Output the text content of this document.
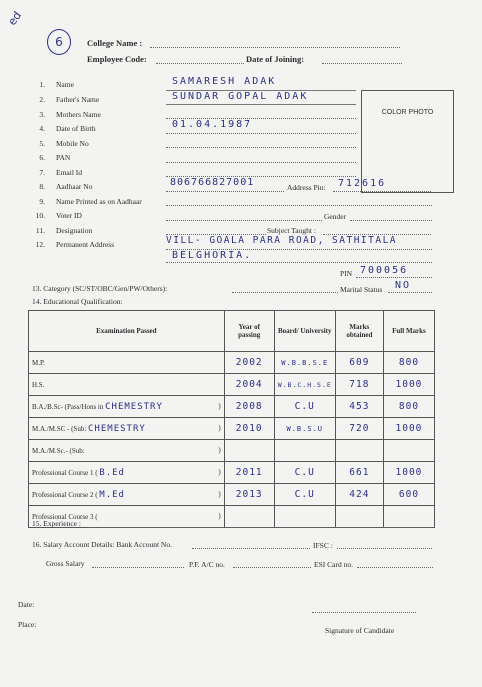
ed
6	College Name :
Employee Code:	Date of Joining:
COLOR PHOTO
1. Name	SAMARESH ADAK
2. Father's Name	SUNDAR GOPAL ADAK
3. Mothers Name
4. Date of Birth	01.04.1987
5. Mobile No
6. PAN
7. Email Id
8. Aadhaar No	806766827001	Address Pin: 712616
9. Name Printed as on Aadhaar
10. Voter ID	Gender
11. Designation	Subject Taught :
12. Permanent Address	VILL- GOALA PARA ROAD, SATHITALA
BELGHORIA.
PIN 700056
13. Category (SC/ST/OBC/Gen/PW/Others):	Marital Status NO
14. Educational Qualification:
Examination Passed	Year of passing	Board/ University	Marks obtained	Full Marks
M.P.	2002	W.B.B.S.E	609	800
H.S.	2004	W.B.C.H.S.E	718	1000
B.A./B.Sc- (Pass/Hons in CHEMESTRY )	2008	C.U	453	800
M.A./M.SC - (Sub: CHEMESTRY )	2010	W.B.S.U	720	1000
M.A./M.Sc.- (Sub: )				

Professional Course 1 ( B.Ed )	2011	C.U	661	1000
Professional Course 2 ( M.Ed )	2013	C.U	424	600
Professional Course 3 ( )				

15. Experience :
16. Salary Account Details: Bank Account No.	IFSC :
Gross Salary	P.F. A/C no.	ESI Card no.
Date:
Place:
Signature of Candidate
